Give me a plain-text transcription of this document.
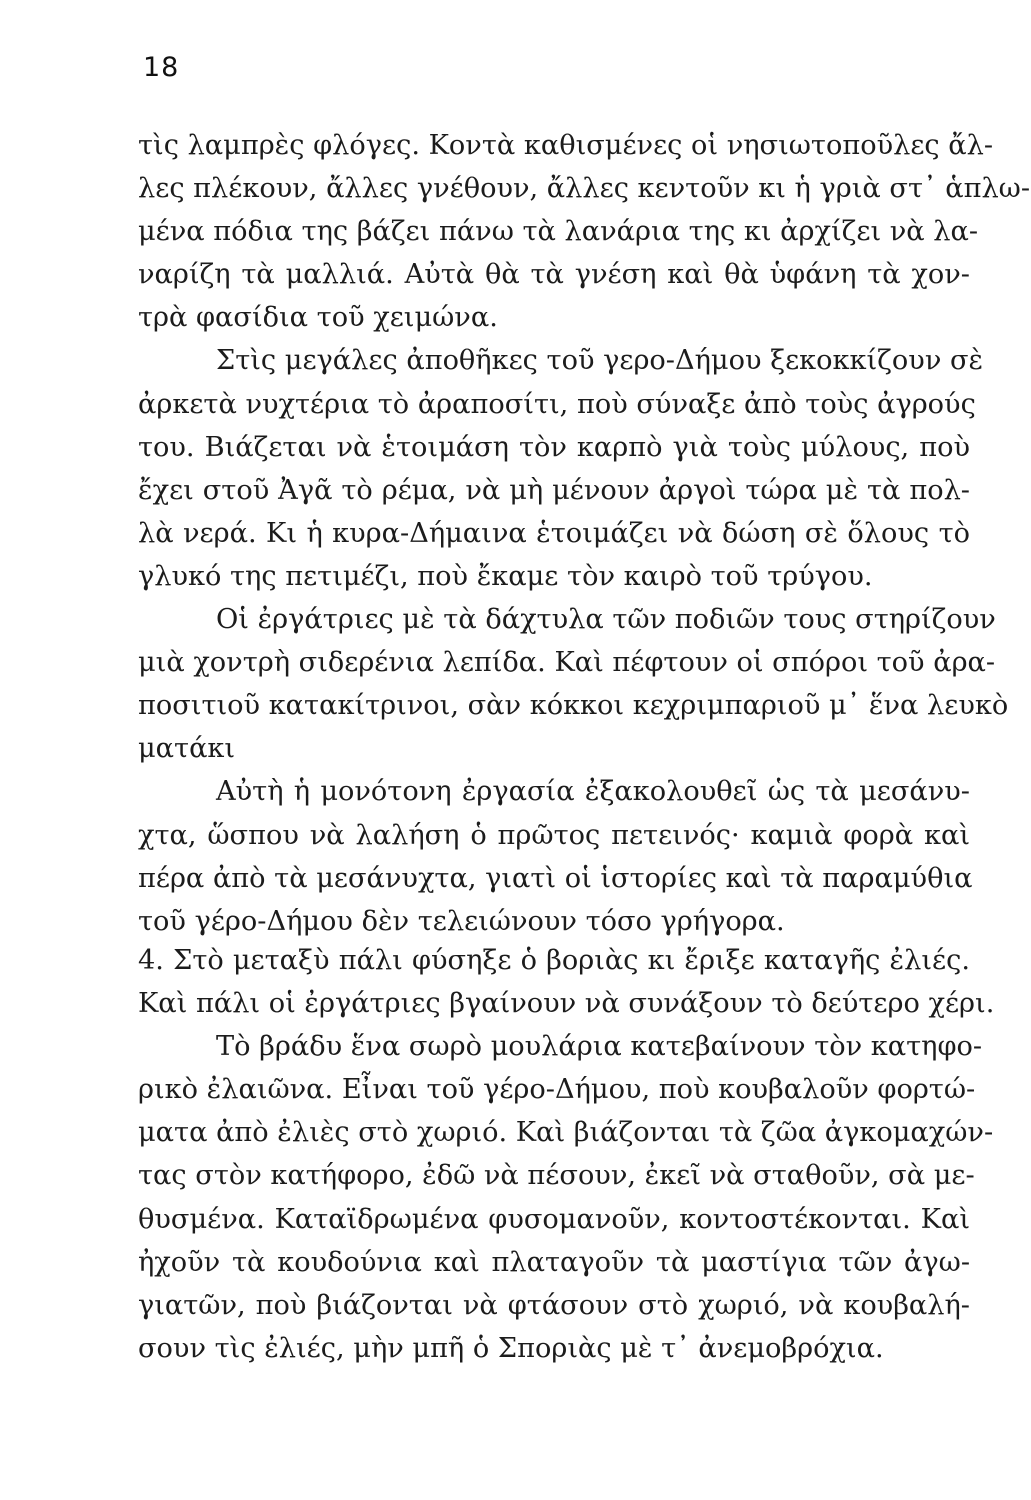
18
τὶς λαμπρὲς φλόγες. Κοντὰ καθισμένες οἱ νησιωτοποῦλες ἄλ-
λες πλέκουν, ἄλλες γνέθουν, ἄλλες κεντοῦν κι ἡ γριὰ στ᾽ ἁπλω-
μένα πόδια της βάζει πάνω τὰ λανάρια της κι ἀρχίζει νὰ λα-
ναρίζη τὰ μαλλιά. Αὐτὰ θὰ τὰ γνέση καὶ θὰ ὑφάνη τὰ χον-
τρὰ φασίδια τοῦ χειμώνα.
Στὶς μεγάλες ἀποθῆκες τοῦ γερο-Δήμου ξεκοκκίζουν σὲ
ἀρκετὰ νυχτέρια τὸ ἀραποσίτι, ποὺ σύναξε ἀπὸ τοὺς ἀγρούς
του. Βιάζεται νὰ ἑτοιμάση τὸν καρπὸ γιὰ τοὺς μύλους, ποὺ
ἔχει στοῦ Ἀγᾶ τὸ ρέμα, νὰ μὴ μένουν ἀργοὶ τώρα μὲ τὰ πολ-
λὰ νερά. Κι ἡ κυρα-Δήμαινα ἑτοιμάζει νὰ δώση σὲ ὅλους τὸ
γλυκό της πετιμέζι, ποὺ ἔκαμε τὸν καιρὸ τοῦ τρύγου.
Οἱ ἐργάτριες μὲ τὰ δάχτυλα τῶν ποδιῶν τους στηρίζουν
μιὰ χοντρὴ σιδερένια λεπίδα. Καὶ πέφτουν οἱ σπόροι τοῦ ἀρα-
ποσιτιοῦ κατακίτρινοι, σὰν κόκκοι κεχριμπαριοῦ μ᾽ ἕνα λευκὸ
ματάκι
Αὐτὴ ἡ μονότονη ἐργασία ἐξακολουθεῖ ὡς τὰ μεσάνυ-
χτα, ὥσπου νὰ λαλήση ὁ πρῶτος πετεινός· καμιὰ φορὰ καὶ
πέρα ἀπὸ τὰ μεσάνυχτα, γιατὶ οἱ ἱστορίες καὶ τὰ παραμύθια
τοῦ γέρο-Δήμου δὲν τελειώνουν τόσο γρήγορα.
4. Στὸ μεταξὺ πάλι φύσηξε ὁ βοριὰς κι ἔριξε καταγῆς ἐλιές.
Καὶ πάλι οἱ ἐργάτριες βγαίνουν νὰ συνάξουν τὸ δεύτερο χέρι.
Τὸ βράδυ ἕνα σωρὸ μουλάρια κατεβαίνουν τὸν κατηφο-
ρικὸ ἐλαιῶνα. Εἶναι τοῦ γέρο-Δήμου, ποὺ κουβαλοῦν φορτώ-
ματα ἀπὸ ἐλιὲς στὸ χωριό. Καὶ βιάζονται τὰ ζῶα ἀγκομαχών-
τας στὸν κατήφορο, ἐδῶ νὰ πέσουν, ἐκεῖ νὰ σταθοῦν, σὰ με-
θυσμένα. Καταϊδρωμένα φυσομανοῦν, κοντοστέκονται. Καὶ
ἠχοῦν τὰ κουδούνια καὶ πλαταγοῦν τὰ μαστίγια τῶν ἀγω-
γιατῶν, ποὺ βιάζονται νὰ φτάσουν στὸ χωριό, νὰ κουβαλή-
σουν τὶς ἐλιές, μὴν μπῆ ὁ Σποριὰς μὲ τ᾽ ἀνεμοβρόχια.
